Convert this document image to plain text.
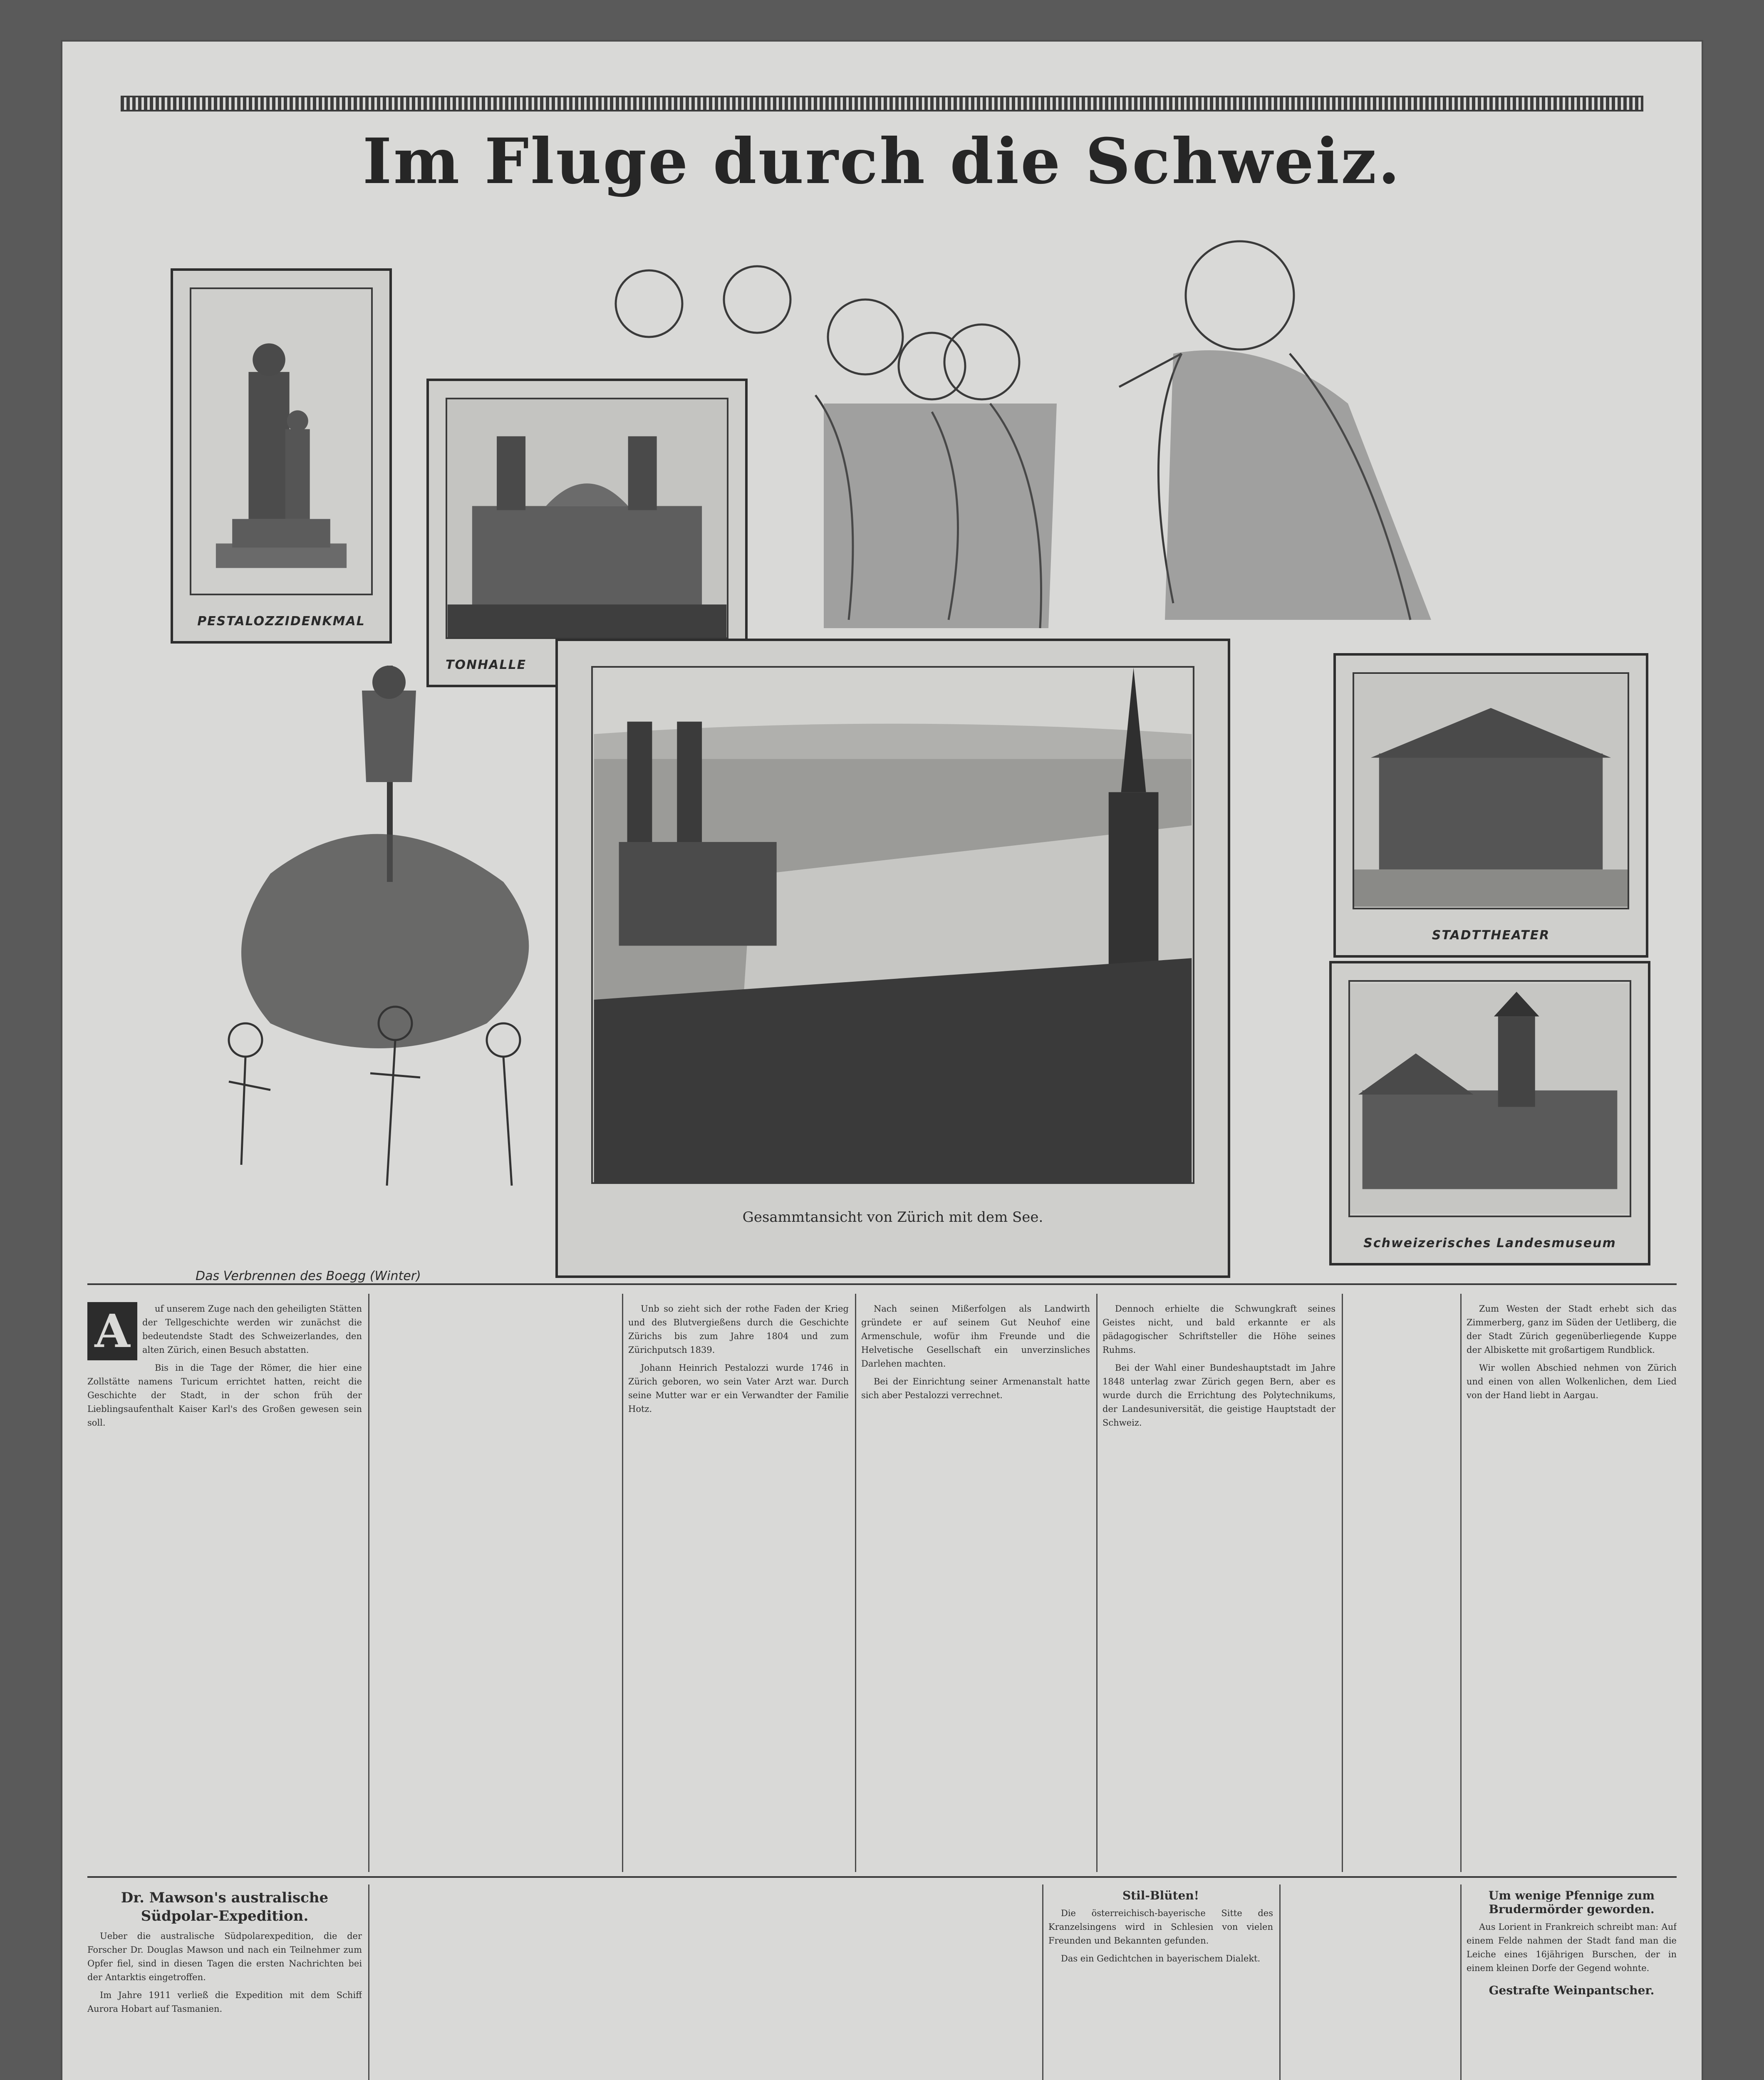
Im Fluge durch die Schweiz.
PESTALOZZIDENKMAL
TONHALLE
Das Verbrennen des Boegg (Winter)
Gesammtansicht von Zürich mit dem See.
STADTTHEATER
Schweizerisches Landesmuseum
A	uf unserem Zuge nach den geheiligten Stätten der Tellgeschichte werden wir zunächst die bedeutendste Stadt des Schweizerlandes, den alten Zürich, einen Besuch abstatten.

Bis in die Tage der Römer, die hier eine Zollstätte namens Turicum errichtet hatten, reicht die Geschichte der Stadt, in der schon früh der Lieblingsaufenthalt Kaiser Karl's des Großen gewesen sein soll.

Unb so zieht sich der rothe Faden der Krieg und des Blutvergießens durch die Geschichte Zürichs bis zum Jahre 1804 und zum Zürichputsch 1839.

Johann Heinrich Pestalozzi wurde 1746 in Zürich geboren, wo sein Vater Arzt war. Durch seine Mutter war er ein Verwandter der Familie Hotz.

Nach seinen Mißerfolgen als Landwirth gründete er auf seinem Gut Neuhof eine Armenschule, wofür ihm Freunde und die Helvetische Gesellschaft ein unverzinsliches Darlehen machten.

Bei der Einrichtung seiner Armenanstalt hatte sich aber Pestalozzi verrechnet.

Dennoch erhielte die Schwungkraft seines Geistes nicht, und bald erkannte er als pädagogischer Schriftsteller die Höhe seines Ruhms.

Bei der Wahl einer Bundeshauptstadt im Jahre 1848 unterlag zwar Zürich gegen Bern, aber es wurde durch die Errichtung des Polytechnikums, der Landesuniversität, die geistige Hauptstadt der Schweiz.

Zum Westen der Stadt erhebt sich das Zimmerberg, ganz im Süden der Uetliberg, die der Stadt Zürich gegenüberliegende Kuppe der Albiskette mit großartigem Rundblick.

Wir wollen Abschied nehmen von Zürich und einen von allen Wolkenlichen, dem Lied von der Hand liebt in Aargau.

Dr. Mawson's australische Südpolar-Expedition.

Ueber die australische Südpolarexpedition, die der Forscher Dr. Douglas Mawson und nach ein Teilnehmer zum Opfer fiel, sind in diesen Tagen die ersten Nachrichten bei der Antarktis eingetroffen.

Im Jahre 1911 verließ die Expedition mit dem Schiff Aurora Hobart auf Tasmanien.

Stil-Blüten!

Die österreichisch-bayerische Sitte des Kranzelsingens wird in Schlesien von vielen Freunden und Bekannten gefunden.

Das ein Gedichtchen in bayerischem Dialekt.

Um wenige Pfennige zum Brudermörder geworden.

Aus Lorient in Frankreich schreibt man: Auf einem Felde nahmen der Stadt fand man die Leiche eines 16jährigen Burschen, der in einem kleinen Dorfe der Gegend wohnte.

Gestrafte Weinpantscher.
